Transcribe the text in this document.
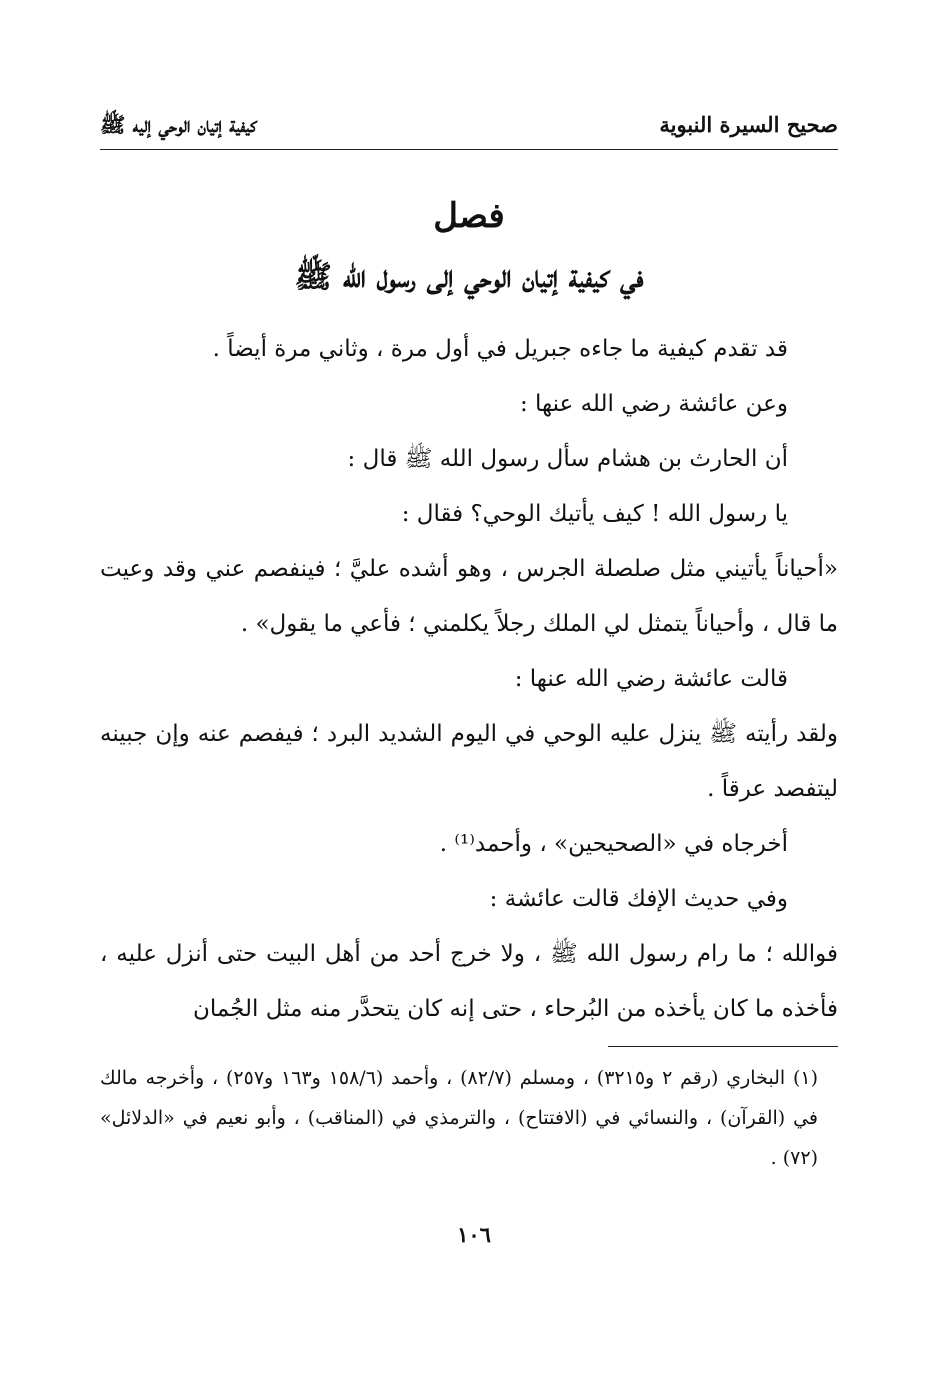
صحيح السيرة النبوية
كيفية إتيان الوحي إليه ﷺ
فصل
في كيفية إتيان الوحي إلى رسول الله ﷺ

قد تقدم كيفية ما جاءه جبريل في أول مرة ، وثاني مرة أيضاً .

وعن عائشة رضي الله عنها :

أن الحارث بن هشام سأل رسول الله ﷺ قال :

يا رسول الله ! كيف يأتيك الوحي؟ فقال :

«أحياناً يأتيني مثل صلصلة الجرس ، وهو أشده عليَّ ؛ فينفصم عني وقد وعيت ما قال ، وأحياناً يتمثل لي الملك رجلاً يكلمني ؛ فأعي ما يقول» .

قالت عائشة رضي الله عنها :

ولقد رأيته ﷺ ينزل عليه الوحي في اليوم الشديد البرد ؛ فيفصم عنه وإن جبينه ليتفصد عرقاً .

أخرجاه في «الصحيحين» ، وأحمد⁽¹⁾ .

وفي حديث الإفك قالت عائشة :

فوالله ؛ ما رام رسول الله ﷺ ، ولا خرج أحد من أهل البيت حتى أنزل عليه ، فأخذه ما كان يأخذه من البُرحاء ، حتى إنه كان يتحدَّر منه مثل الجُمان

(١) البخاري (رقم ٢ و٣٢١٥) ، ومسلم (٨٢/٧) ، وأحمد (١٥٨/٦ و١٦٣ و٢٥٧) ، وأخرجه مالك في (القرآن) ، والنسائي في (الافتتاح) ، والترمذي في (المناقب) ، وأبو نعيم في «الدلائل» (٧٢) .

١٠٦
